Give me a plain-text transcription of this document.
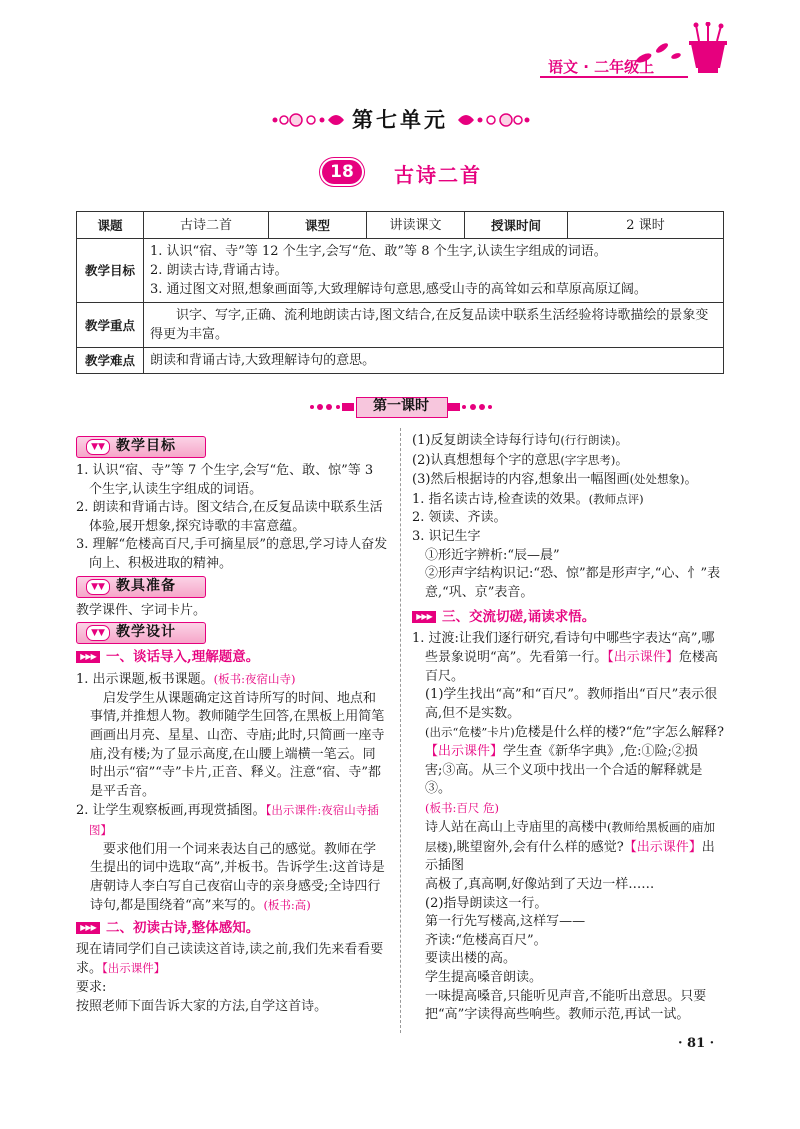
语文 · 二年级上
第七单元
18	古诗二首
课题	古诗二首	课型	讲读课文	授课时间	2 课时
教学目标	1. 认识“宿、寺”等 12 个生字,会写“危、敢”等 8 个生字,认读生字组成的词语。
2. 朗读古诗,背诵古诗。
3. 通过图文对照,想象画面等,大致理解诗句意思,感受山寺的高耸如云和草原高原辽阔。				

教学重点	识字、写字,正确、流利地朗读古诗,图文结合,在反复品读中联系生活经验将诗歌描绘的景象变得更为丰富。				
教学难点	朗读和背诵古诗,大致理解诗句的意思。				
第一课时
▼▼ 教学目标

1. 认识“宿、寺”等 7 个生字,会写“危、敢、惊”等 3 个生字,认读生字组成的词语。

2. 朗读和背诵古诗。图文结合,在反复品读中联系生活体验,展开想象,探究诗歌的丰富意蕴。

3. 理解“危楼高百尺,手可摘星辰”的意思,学习诗人奋发向上、积极进取的精神。

▼▼ 教具准备

教学课件、字词卡片。

▼▼ 教学设计
▶▶▶ 一、谈话导入,理解题意。

1. 出示课题,板书课题。(板书:夜宿山寺)

启发学生从课题确定这首诗所写的时间、地点和事情,并推想人物。教师随学生回答,在黑板上用简笔画画出月亮、星星、山峦、寺庙;此时,只简画一座寺庙,没有楼;为了显示高度,在山腰上端横一笔云。同时出示“宿”“寺”卡片,正音、释义。注意“宿、寺”都是平舌音。

2. 让学生观察板画,再现赏插图。【出示课件:夜宿山寺插图】

要求他们用一个词来表达自己的感觉。教师在学生提出的词中选取“高”,并板书。告诉学生:这首诗是唐朝诗人李白写自己夜宿山寺的亲身感受;全诗四行诗句,都是围绕着“高”来写的。(板书:高)

▶▶▶ 二、初读古诗,整体感知。

现在请同学们自己读读这首诗,读之前,我们先来看看要求。【出示课件】

要求:

按照老师下面告诉大家的方法,自学这首诗。

(1)反复朗读全诗每行诗句(行行朗读)。

(2)认真想想每个字的意思(字字思考)。

(3)然后根据诗的内容,想象出一幅图画(处处想象)。

1. 指名读古诗,检查读的效果。(教师点评)

2. 领读、齐读。

3. 识记生字

①形近字辨析:“辰—晨”

②形声字结构识记:“恐、惊”都是形声字,“心、忄”表意,“巩、京”表音。

▶▶▶ 三、交流切磋,诵读求悟。

1. 过渡:让我们逐行研究,看诗句中哪些字表达“高”,哪些景象说明“高”。先看第一行。【出示课件】危楼高百尺。

(1)学生找出“高”和“百尺”。教师指出“百尺”表示很高,但不是实数。

(出示“危楼”卡片)危楼是什么样的楼?“危”字怎么解释?

【出示课件】学生查《新华字典》,危:①险;②损害;③高。从三个义项中找出一个合适的解释就是③。

(板书:百尺 危)

诗人站在高山上寺庙里的高楼中(教师给黑板画的庙加层楼),眺望窗外,会有什么样的感觉?【出示课件】出示插图

高极了,真高啊,好像站到了天边一样……

(2)指导朗读这一行。

第一行先写楼高,这样写——

齐读:“危楼高百尺”。

要读出楼的高。

学生提高嗓音朗读。

一味提高嗓音,只能听见声音,不能听出意思。只要把“高”字读得高些响些。教师示范,再试一试。

· 81 ·
